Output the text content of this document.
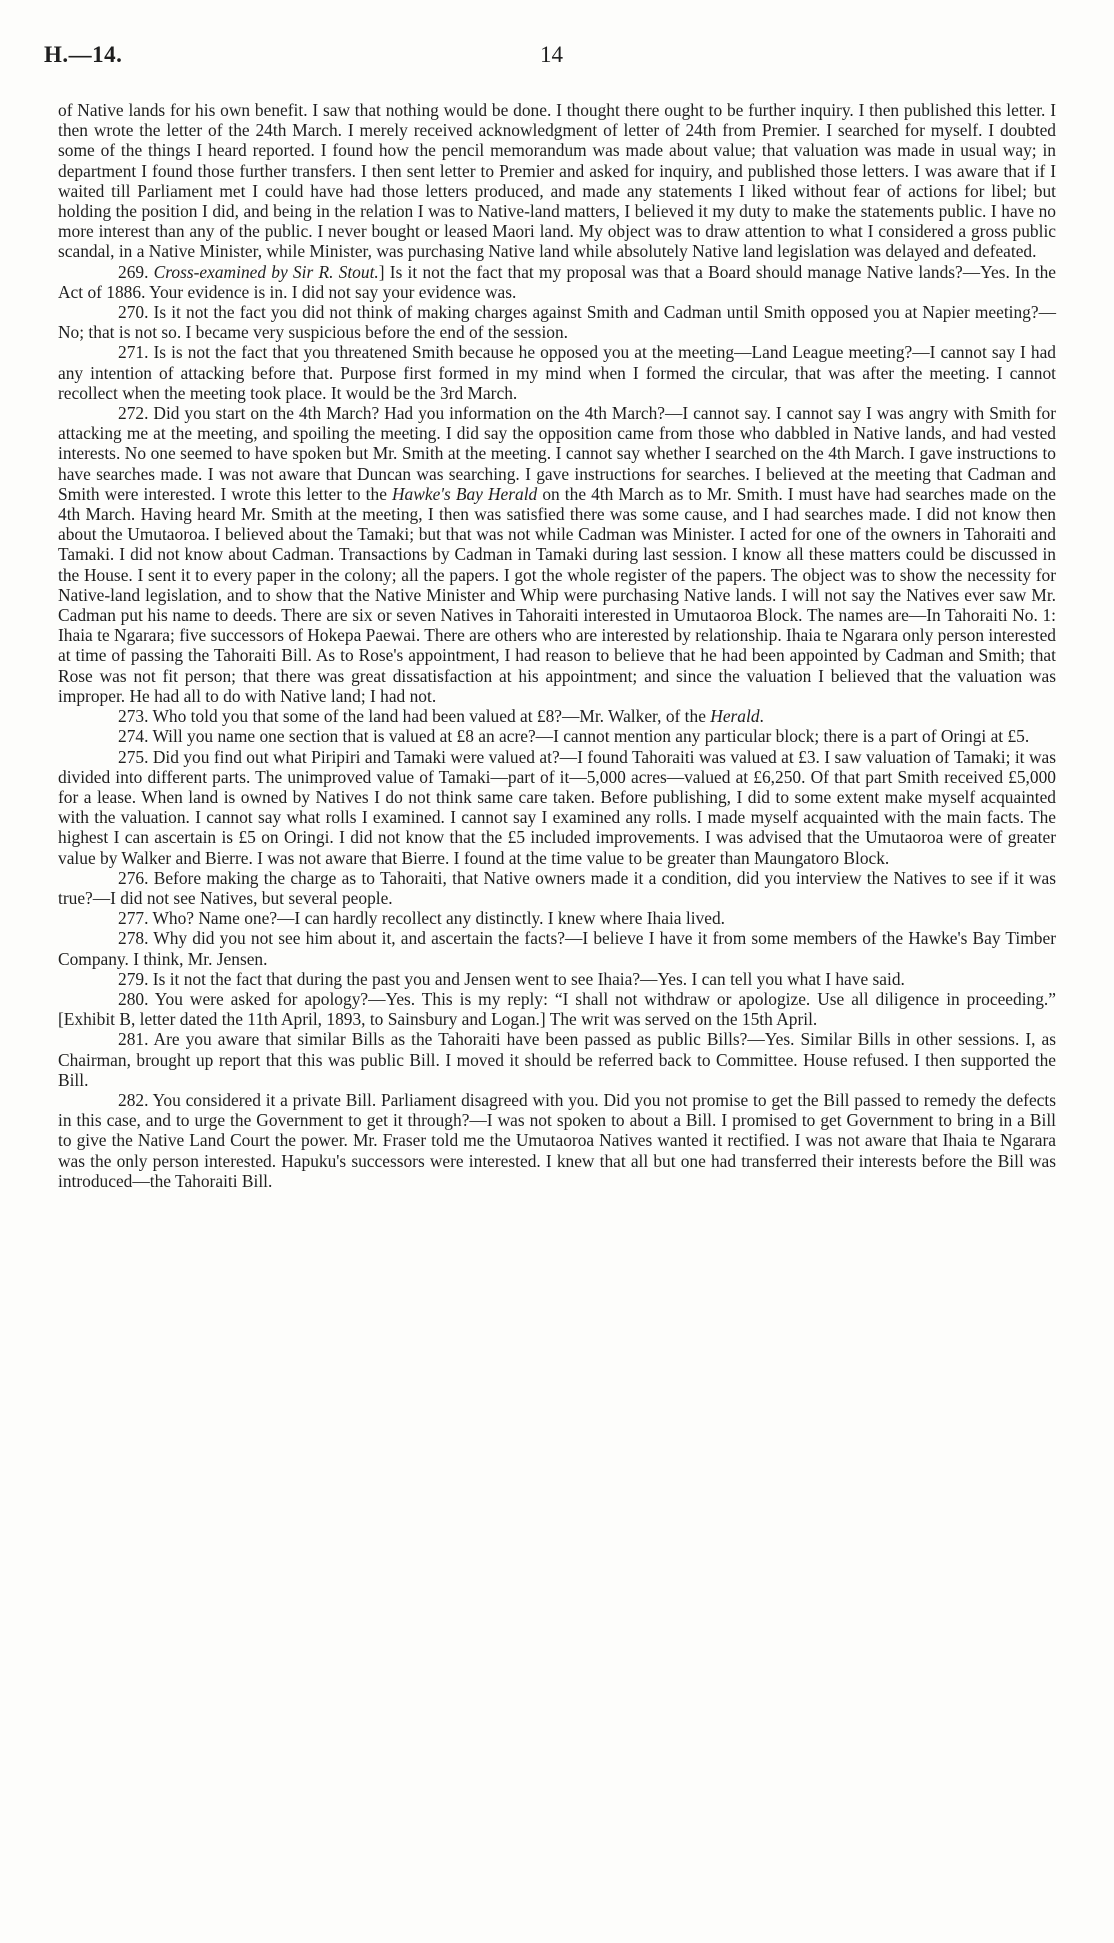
H.—14.	14

of Native lands for his own benefit. I saw that nothing would be done. I thought there ought to be further inquiry. I then published this letter. I then wrote the letter of the 24th March. I merely received acknowledgment of letter of 24th from Premier. I searched for myself. I doubted some of the things I heard reported. I found how the pencil memorandum was made about value; that valuation was made in usual way; in department I found those further transfers. I then sent letter to Premier and asked for inquiry, and published those letters. I was aware that if I waited till Parliament met I could have had those letters produced, and made any statements I liked without fear of actions for libel; but holding the position I did, and being in the relation I was to Native-land matters, I believed it my duty to make the statements public. I have no more interest than any of the public. I never bought or leased Maori land. My object was to draw attention to what I considered a gross public scandal, in a Native Minister, while Minister, was purchasing Native land while absolutely Native land legislation was delayed and defeated.

269. Cross-examined by Sir R. Stout.] Is it not the fact that my proposal was that a Board should manage Native lands?—Yes. In the Act of 1886. Your evidence is in. I did not say your evidence was.

270. Is it not the fact you did not think of making charges against Smith and Cadman until Smith opposed you at Napier meeting?—No; that is not so. I became very suspicious before the end of the session.

271. Is is not the fact that you threatened Smith because he opposed you at the meeting—Land League meeting?—I cannot say I had any intention of attacking before that. Purpose first formed in my mind when I formed the circular, that was after the meeting. I cannot recollect when the meeting took place. It would be the 3rd March.

272. Did you start on the 4th March? Had you information on the 4th March?—I cannot say. I cannot say I was angry with Smith for attacking me at the meeting, and spoiling the meeting. I did say the opposition came from those who dabbled in Native lands, and had vested interests. No one seemed to have spoken but Mr. Smith at the meeting. I cannot say whether I searched on the 4th March. I gave instructions to have searches made. I was not aware that Duncan was searching. I gave instructions for searches. I believed at the meeting that Cadman and Smith were interested. I wrote this letter to the Hawke's Bay Herald on the 4th March as to Mr. Smith. I must have had searches made on the 4th March. Having heard Mr. Smith at the meeting, I then was satisfied there was some cause, and I had searches made. I did not know then about the Umutaoroa. I believed about the Tamaki; but that was not while Cadman was Minister. I acted for one of the owners in Tahoraiti and Tamaki. I did not know about Cadman. Transactions by Cadman in Tamaki during last session. I know all these matters could be discussed in the House. I sent it to every paper in the colony; all the papers. I got the whole register of the papers. The object was to show the necessity for Native-land legislation, and to show that the Native Minister and Whip were purchasing Native lands. I will not say the Natives ever saw Mr. Cadman put his name to deeds. There are six or seven Natives in Tahoraiti interested in Umutaoroa Block. The names are—In Tahoraiti No. 1: Ihaia te Ngarara; five successors of Hokepa Paewai. There are others who are interested by relationship. Ihaia te Ngarara only person interested at time of passing the Tahoraiti Bill. As to Rose's appointment, I had reason to believe that he had been appointed by Cadman and Smith; that Rose was not fit person; that there was great dissatisfaction at his appointment; and since the valuation I believed that the valuation was improper. He had all to do with Native land; I had not.

273. Who told you that some of the land had been valued at £8?—Mr. Walker, of the Herald.

274. Will you name one section that is valued at £8 an acre?—I cannot mention any particular block; there is a part of Oringi at £5.

275. Did you find out what Piripiri and Tamaki were valued at?—I found Tahoraiti was valued at £3. I saw valuation of Tamaki; it was divided into different parts. The unimproved value of Tamaki—part of it—5,000 acres—valued at £6,250. Of that part Smith received £5,000 for a lease. When land is owned by Natives I do not think same care taken. Before publishing, I did to some extent make myself acquainted with the valuation. I cannot say what rolls I examined. I cannot say I examined any rolls. I made myself acquainted with the main facts. The highest I can ascertain is £5 on Oringi. I did not know that the £5 included improvements. I was advised that the Umutaoroa were of greater value by Walker and Bierre. I was not aware that Bierre. I found at the time value to be greater than Maungatoro Block.

276. Before making the charge as to Tahoraiti, that Native owners made it a condition, did you interview the Natives to see if it was true?—I did not see Natives, but several people.

277. Who? Name one?—I can hardly recollect any distinctly. I knew where Ihaia lived.

278. Why did you not see him about it, and ascertain the facts?—I believe I have it from some members of the Hawke's Bay Timber Company. I think, Mr. Jensen.

279. Is it not the fact that during the past you and Jensen went to see Ihaia?—Yes. I can tell you what I have said.

280. You were asked for apology?—Yes. This is my reply: “I shall not withdraw or apologize. Use all diligence in proceeding.” [Exhibit B, letter dated the 11th April, 1893, to Sainsbury and Logan.] The writ was served on the 15th April.

281. Are you aware that similar Bills as the Tahoraiti have been passed as public Bills?—Yes. Similar Bills in other sessions. I, as Chairman, brought up report that this was public Bill. I moved it should be referred back to Committee. House refused. I then supported the Bill.

282. You considered it a private Bill. Parliament disagreed with you. Did you not promise to get the Bill passed to remedy the defects in this case, and to urge the Government to get it through?—I was not spoken to about a Bill. I promised to get Government to bring in a Bill to give the Native Land Court the power. Mr. Fraser told me the Umutaoroa Natives wanted it rectified. I was not aware that Ihaia te Ngarara was the only person interested. Hapuku's successors were interested. I knew that all but one had transferred their interests before the Bill was introduced—the Tahoraiti Bill.
